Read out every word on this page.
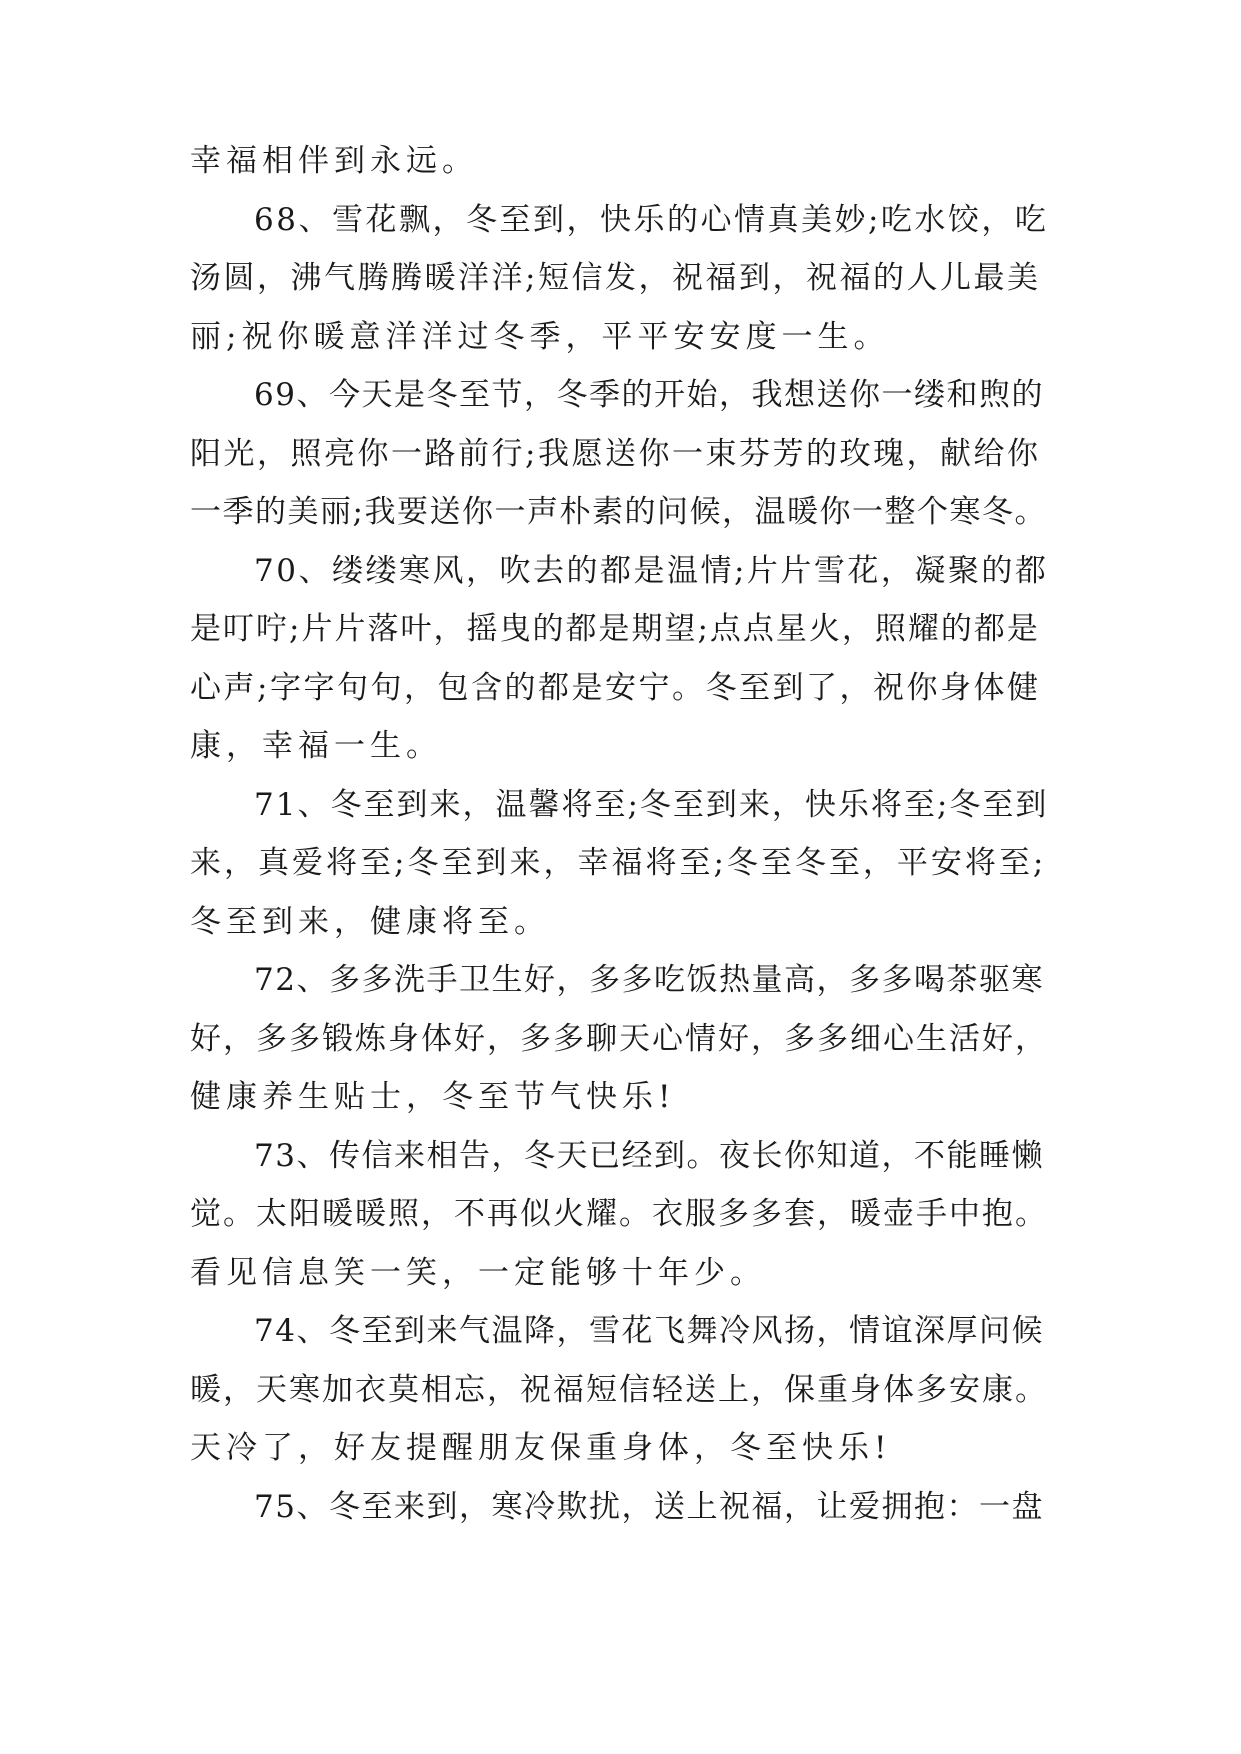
幸福相伴到永远。
68、雪花飘，冬至到，快乐的心情真美妙;吃水饺，吃
汤圆，沸气腾腾暖洋洋;短信发，祝福到，祝福的人儿最美
丽;祝你暖意洋洋过冬季，平平安安度一生。
69、今天是冬至节，冬季的开始，我想送你一缕和煦的
阳光，照亮你一路前行;我愿送你一束芬芳的玫瑰，献给你
一季的美丽;我要送你一声朴素的问候，温暖你一整个寒冬。
70、缕缕寒风，吹去的都是温情;片片雪花，凝聚的都
是叮咛;片片落叶，摇曳的都是期望;点点星火，照耀的都是
心声;字字句句，包含的都是安宁。冬至到了，祝你身体健
康，幸福一生。
71、冬至到来，温馨将至;冬至到来，快乐将至;冬至到
来，真爱将至;冬至到来，幸福将至;冬至冬至，平安将至;
冬至到来，健康将至。
72、多多洗手卫生好，多多吃饭热量高，多多喝茶驱寒
好，多多锻炼身体好，多多聊天心情好，多多细心生活好，
健康养生贴士，冬至节气快乐!
73、传信来相告，冬天已经到。夜长你知道，不能睡懒
觉。太阳暖暖照，不再似火耀。衣服多多套，暖壶手中抱。
看见信息笑一笑，一定能够十年少。
74、冬至到来气温降，雪花飞舞冷风扬，情谊深厚问候
暖，天寒加衣莫相忘，祝福短信轻送上，保重身体多安康。
天冷了，好友提醒朋友保重身体，冬至快乐!
75、冬至来到，寒冷欺扰，送上祝福，让爱拥抱：一盘
